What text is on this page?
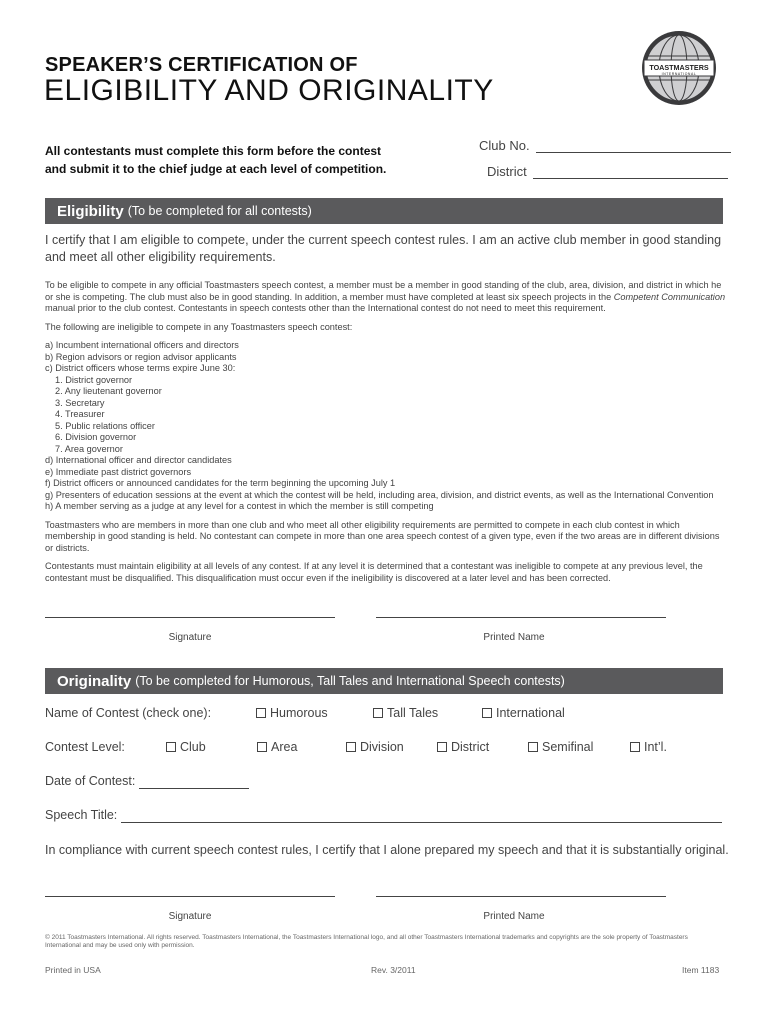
SPEAKER’S CERTIFICATION OF
ELIGIBILITY AND ORIGINALITY
TOASTMASTERS
INTERNATIONAL
All contestants must complete this form before the contest
and submit it to the chief judge at each level of competition.
Club No.
District
Eligibility (To be completed for all contests)
I certify that I am eligible to compete, under the current speech contest rules. I am an active club member in good standing and meet all other eligibility requirements.

To be eligible to compete in any official Toastmasters speech contest, a member must be a member in good standing of the club, area, division, and district in which he or she is competing. The club must also be in good standing. In addition, a member must have completed at least six speech projects in the Competent Communication manual prior to the club contest. Contestants in speech contests other than the International contest do not need to meet this requirement.

The following are ineligible to compete in any Toastmasters speech contest:

a) Incumbent international officers and directors

b) Region advisors or region advisor applicants

c) District officers whose terms expire June 30:

1. District governor

2. Any lieutenant governor

3. Secretary

4. Treasurer

5. Public relations officer

6. Division governor

7. Area governor

d) International officer and director candidates

e) Immediate past district governors

f) District officers or announced candidates for the term beginning the upcoming July 1

g) Presenters of education sessions at the event at which the contest will be held, including area, division, and district events, as well as the International Convention

h) A member serving as a judge at any level for a contest in which the member is still competing

Toastmasters who are members in more than one club and who meet all other eligibility requirements are permitted to compete in each club contest in which membership in good standing is held. No contestant can compete in more than one area speech contest of a given type, even if the two areas are in different divisions or districts.

Contestants must maintain eligibility at all levels of any contest. If at any level it is determined that a contestant was ineligible to compete at any previous level, the contestant must be disqualified. This disqualification must occur even if the ineligibility is discovered at a later level and has been corrected.

Signature	Printed Name
Originality (To be completed for Humorous, Tall Tales and International Speech contests)
Name of Contest (check one):	Humorous	Tall Tales	International
Contest Level:	Club	Area	Division	District	Semifinal	Int’l.
Date of Contest:
Speech Title:
In compliance with current speech contest rules, I certify that I alone prepared my speech and that it is substantially original.
Signature	Printed Name
© 2011 Toastmasters International. All rights reserved. Toastmasters International, the Toastmasters International logo, and all other Toastmasters International trademarks and copyrights are the sole property of Toastmasters International and may be used only with permission.
Printed in USA	Rev. 3/2011	Item 1183
